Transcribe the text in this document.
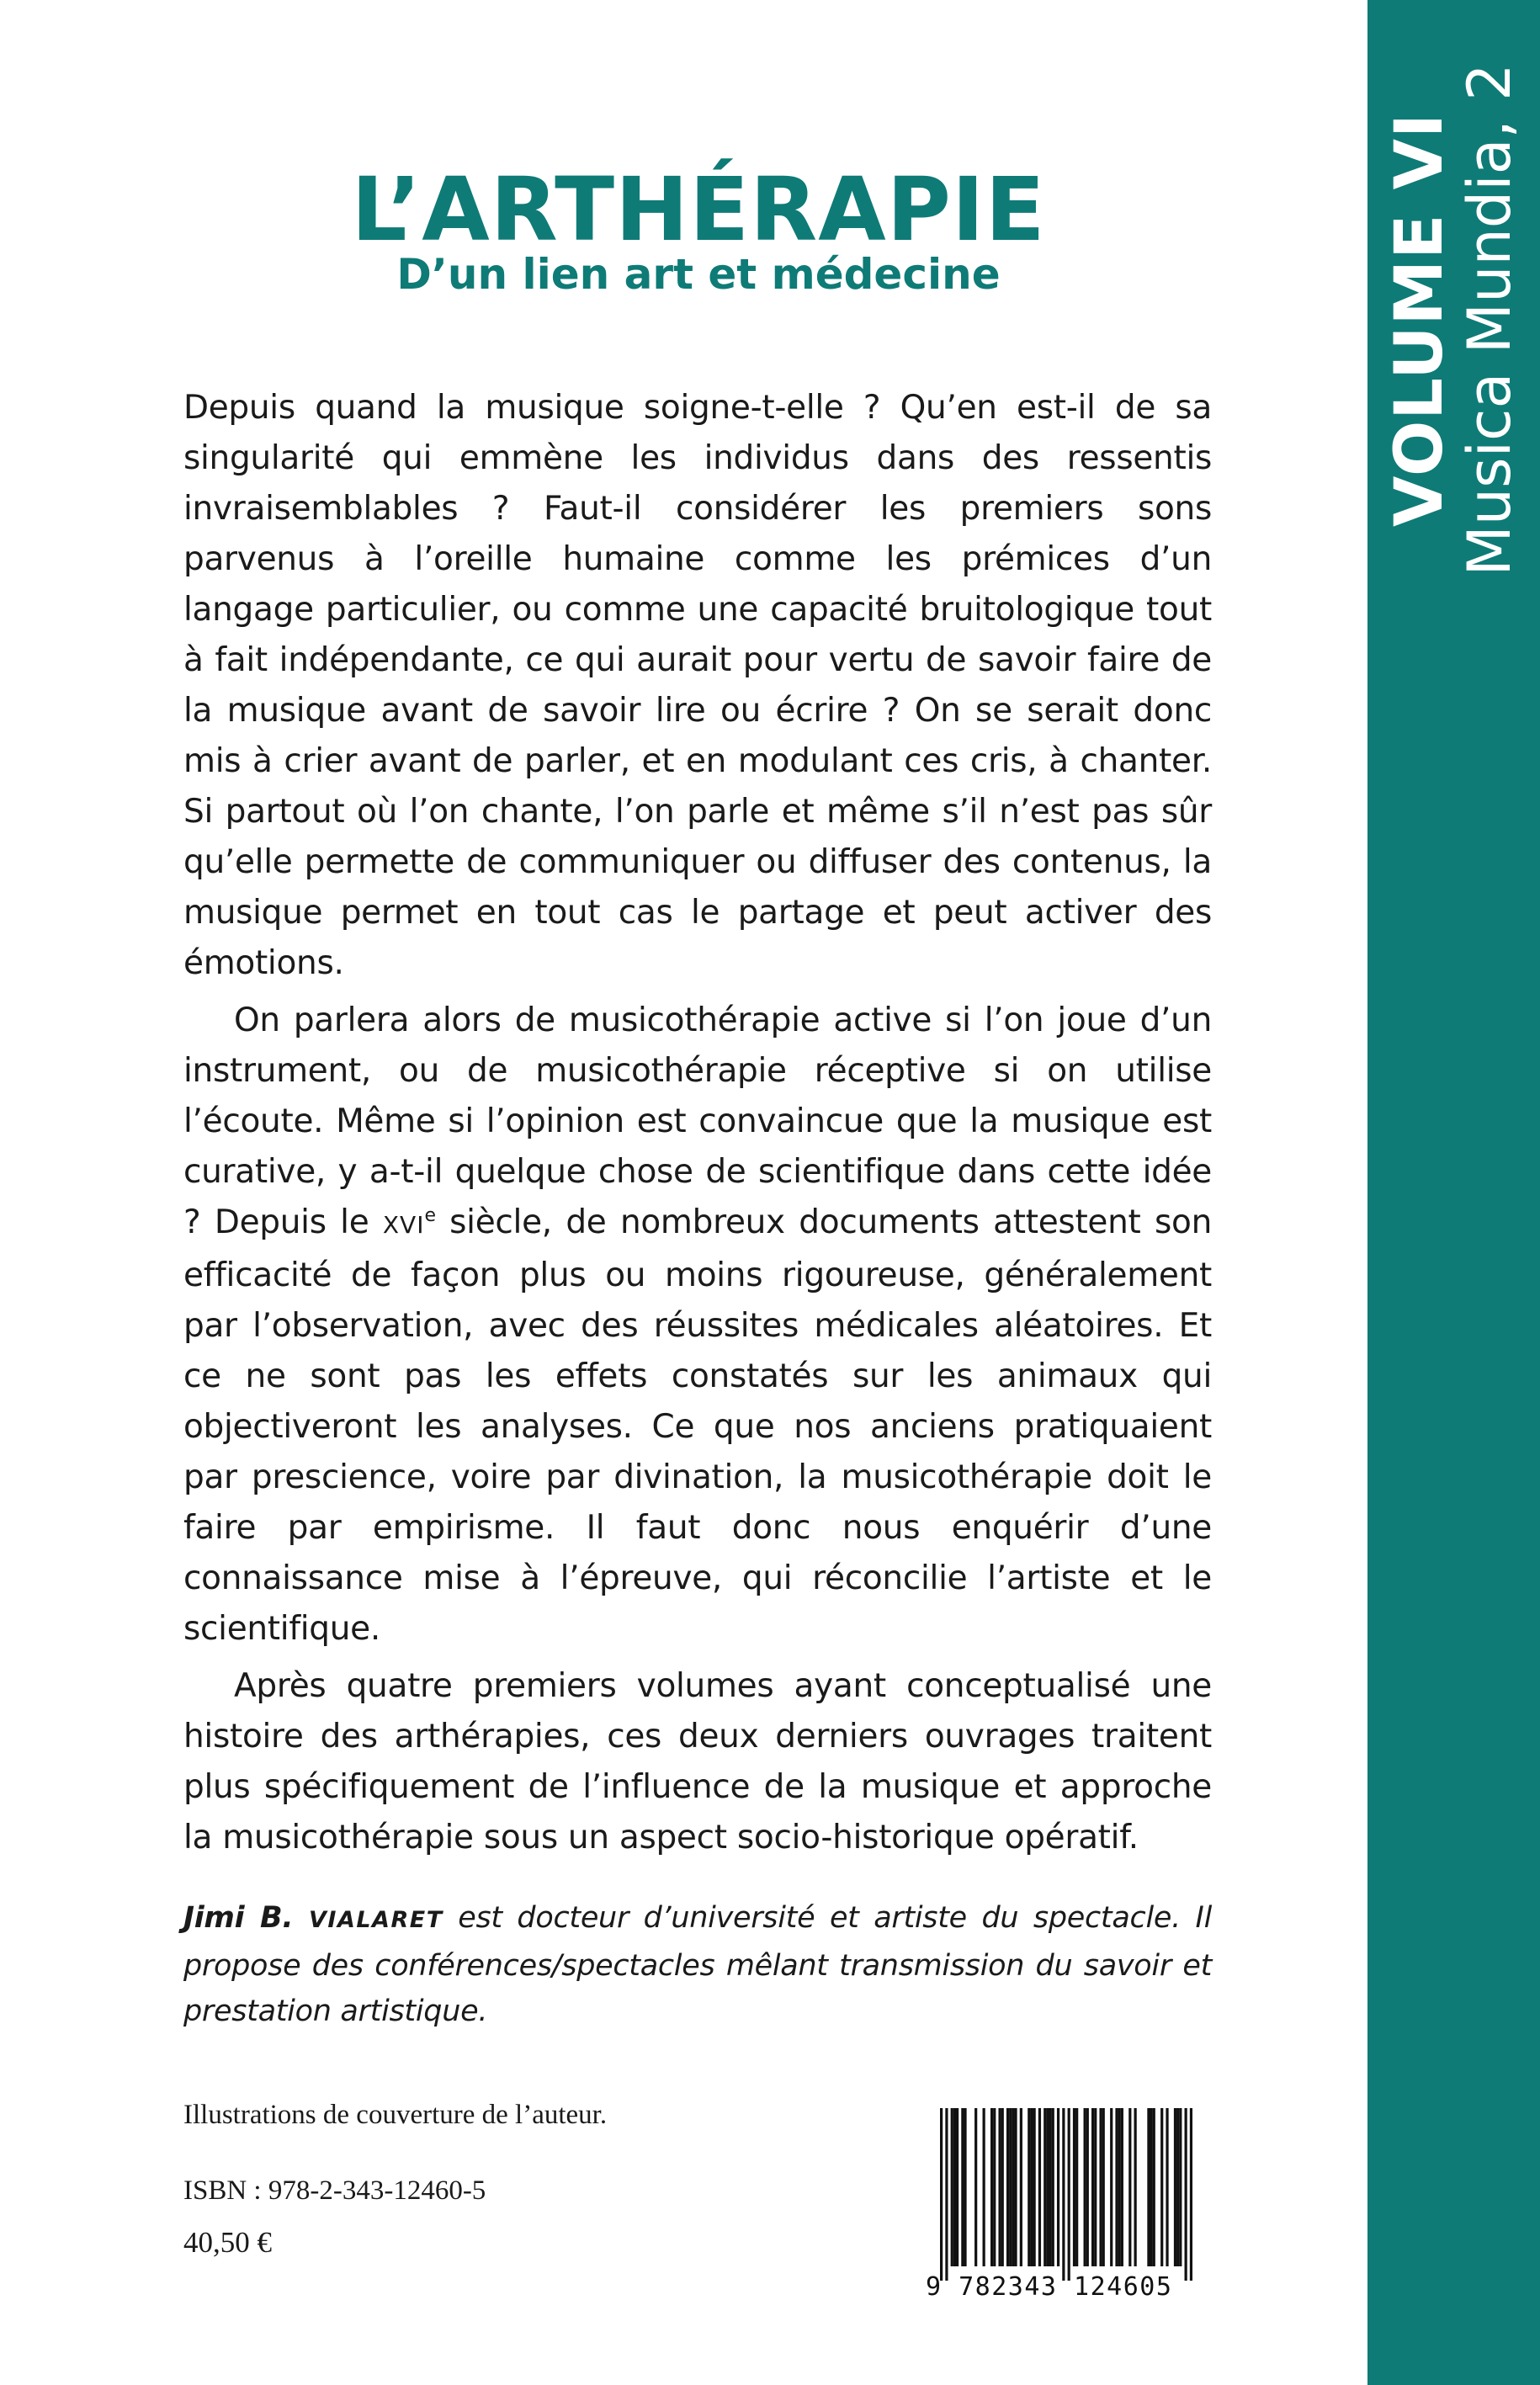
VOLUME VI
Musica Mundia, 2
L’ARTHÉRAPIE
D’un lien art et médecine

Depuis quand la musique soigne-t-elle ? Qu’en est-il de sa singularité qui emmène les individus dans des ressentis invraisemblables ? Faut-il considérer les premiers sons parvenus à l’oreille humaine comme les prémices d’un langage particulier, ou comme une capacité bruitologique tout à fait indépendante, ce qui aurait pour vertu de savoir faire de la musique avant de savoir lire ou écrire ? On se serait donc mis à crier avant de parler, et en modulant ces cris, à chanter. Si partout où l’on chante, l’on parle et même s’il n’est pas sûr qu’elle permette de communiquer ou diffuser des contenus, la musique permet en tout cas le partage et peut activer des émotions.

On parlera alors de musicothérapie active si l’on joue d’un instrument, ou de musicothérapie réceptive si on utilise l’écoute. Même si l’opinion est convaincue que la musique est curative, y a-t-il quelque chose de scientifique dans cette idée ? Depuis le XVIe siècle, de nombreux documents attestent son efficacité de façon plus ou moins rigoureuse, généralement par l’observation, avec des réussites médicales aléatoires. Et ce ne sont pas les effets constatés sur les animaux qui objectiveront les analyses. Ce que nos anciens pratiquaient par prescience, voire par divination, la musicothérapie doit le faire par empirisme. Il faut donc nous enquérir d’une connaissance mise à l’épreuve, qui réconcilie l’artiste et le scientifique.

Après quatre premiers volumes ayant conceptualisé une histoire des arthérapies, ces deux derniers ouvrages traitent plus spécifiquement de l’influence de la musique et approche la musicothérapie sous un aspect socio-historique opératif.

Jimi B. VIALARET est docteur d’université et artiste du spectacle. Il propose des conférences/spectacles mêlant transmission du savoir et prestation artistique.

Illustrations de couverture de l’auteur.
ISBN : 978-2-343-12460-5
40,50 €
9 782343 124605
